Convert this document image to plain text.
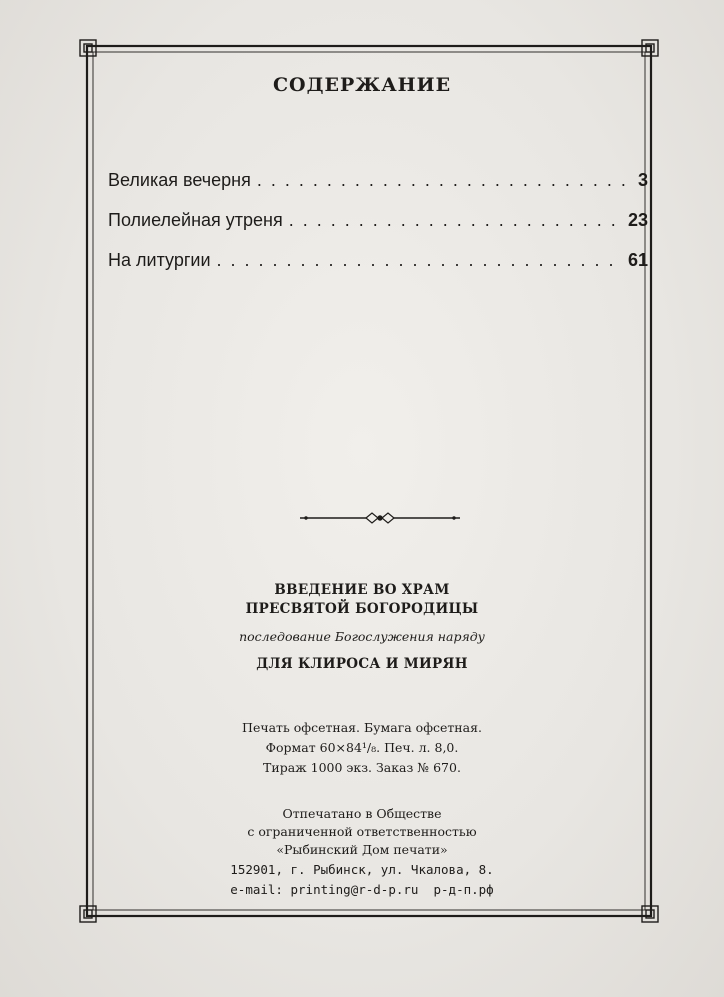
СОДЕРЖАНИЕ
Великая вечерня . . .	3
Полиелейная утреня . . .	23
На литургии . . .	61
ВВЕДЕНИЕ ВО ХРАМ
ПРЕСВЯТОЙ БОГОРОДИЦЫ
последование Богослужения наряду
ДЛЯ КЛИРОСА И МИРЯН
Печать офсетная. Бумага офсетная.
Формат 60×84¹/₈. Печ. л. 8,0.
Тираж 1000 экз. Заказ № 670.
Отпечатано в Обществе
с ограниченной ответственностью
«Рыбинский Дом печати»
152901, г. Рыбинск, ул. Чкалова, 8.
e-mail: printing@r-d-p.ru р-д-п.рф
